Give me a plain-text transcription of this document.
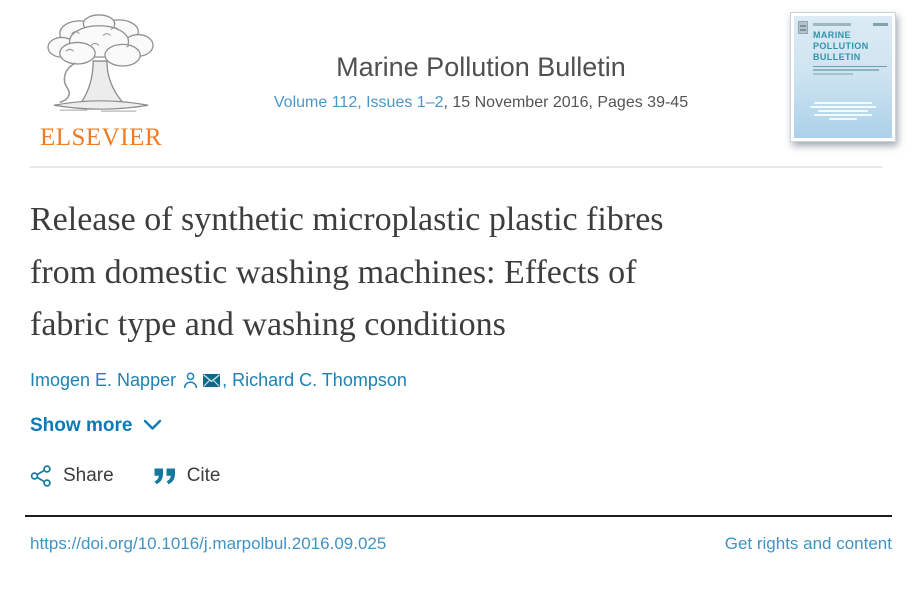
ELSEVIER
Marine Pollution Bulletin
Volume 112, Issues 1–2, 15 November 2016, Pages 39-45
MARINE POLLUTION BULLETIN
Release of synthetic microplastic plastic fibres
from domestic washing machines: Effects of
fabric type and washing conditions
Imogen E. Napper	, Richard C. Thompson
Show more
Share	Cite
https://doi.org/10.1016/j.marpolbul.2016.09.025	Get rights and content
